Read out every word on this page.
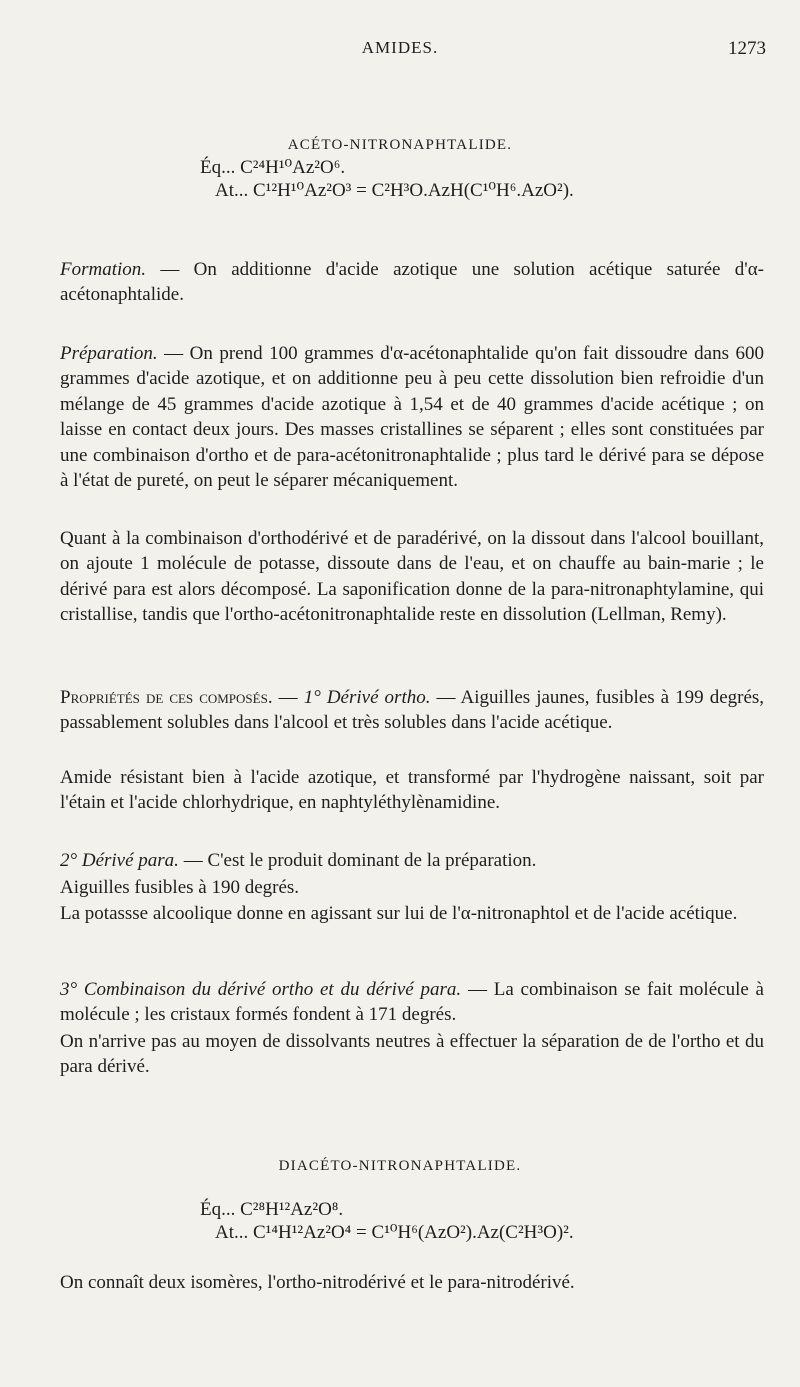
AMIDES.	1273
ACÉTO-NITRONAPHTALIDE.
Éq... C²⁴H¹⁰Az²O⁶.
At... C¹²H¹⁰Az²O³ = C²H³O.AzH(C¹⁰H⁶.AzO²).
Formation. — On additionne d'acide azotique une solution acétique saturée d'α-acétonaphtalide.
Préparation. — On prend 100 grammes d'α-acétonaphtalide qu'on fait dissoudre dans 600 grammes d'acide azotique, et on additionne peu à peu cette dissolution bien refroidie d'un mélange de 45 grammes d'acide azotique à 1,54 et de 40 grammes d'acide acétique ; on laisse en contact deux jours. Des masses cristallines se séparent ; elles sont constituées par une combinaison d'ortho et de para-acétonitronaphtalide ; plus tard le dérivé para se dépose à l'état de pureté, on peut le séparer mécaniquement.
Quant à la combinaison d'orthodérivé et de paradérivé, on la dissout dans l'alcool bouillant, on ajoute 1 molécule de potasse, dissoute dans de l'eau, et on chauffe au bain-marie ; le dérivé para est alors décomposé. La saponification donne de la para-nitronaphtylamine, qui cristallise, tandis que l'ortho-acétonitronaphtalide reste en dissolution (Lellman, Remy).
Propriétés de ces composés. — 1° Dérivé ortho. — Aiguilles jaunes, fusibles à 199 degrés, passablement solubles dans l'alcool et très solubles dans l'acide acétique.
Amide résistant bien à l'acide azotique, et transformé par l'hydrogène naissant, soit par l'étain et l'acide chlorhydrique, en naphtyléthylènamidine.
2° Dérivé para. — C'est le produit dominant de la préparation.
Aiguilles fusibles à 190 degrés.
La potassse alcoolique donne en agissant sur lui de l'α-nitronaphtol et de l'acide acétique.
3° Combinaison du dérivé ortho et du dérivé para. — La combinaison se fait molécule à molécule ; les cristaux formés fondent à 171 degrés.
On n'arrive pas au moyen de dissolvants neutres à effectuer la séparation de de l'ortho et du para dérivé.
DIACÉTO-NITRONAPHTALIDE.
Éq... C²⁸H¹²Az²O⁸.
At... C¹⁴H¹²Az²O⁴ = C¹⁰H⁶(AzO²).Az(C²H³O)².
On connaît deux isomères, l'ortho-nitrodérivé et le para-nitrodérivé.
